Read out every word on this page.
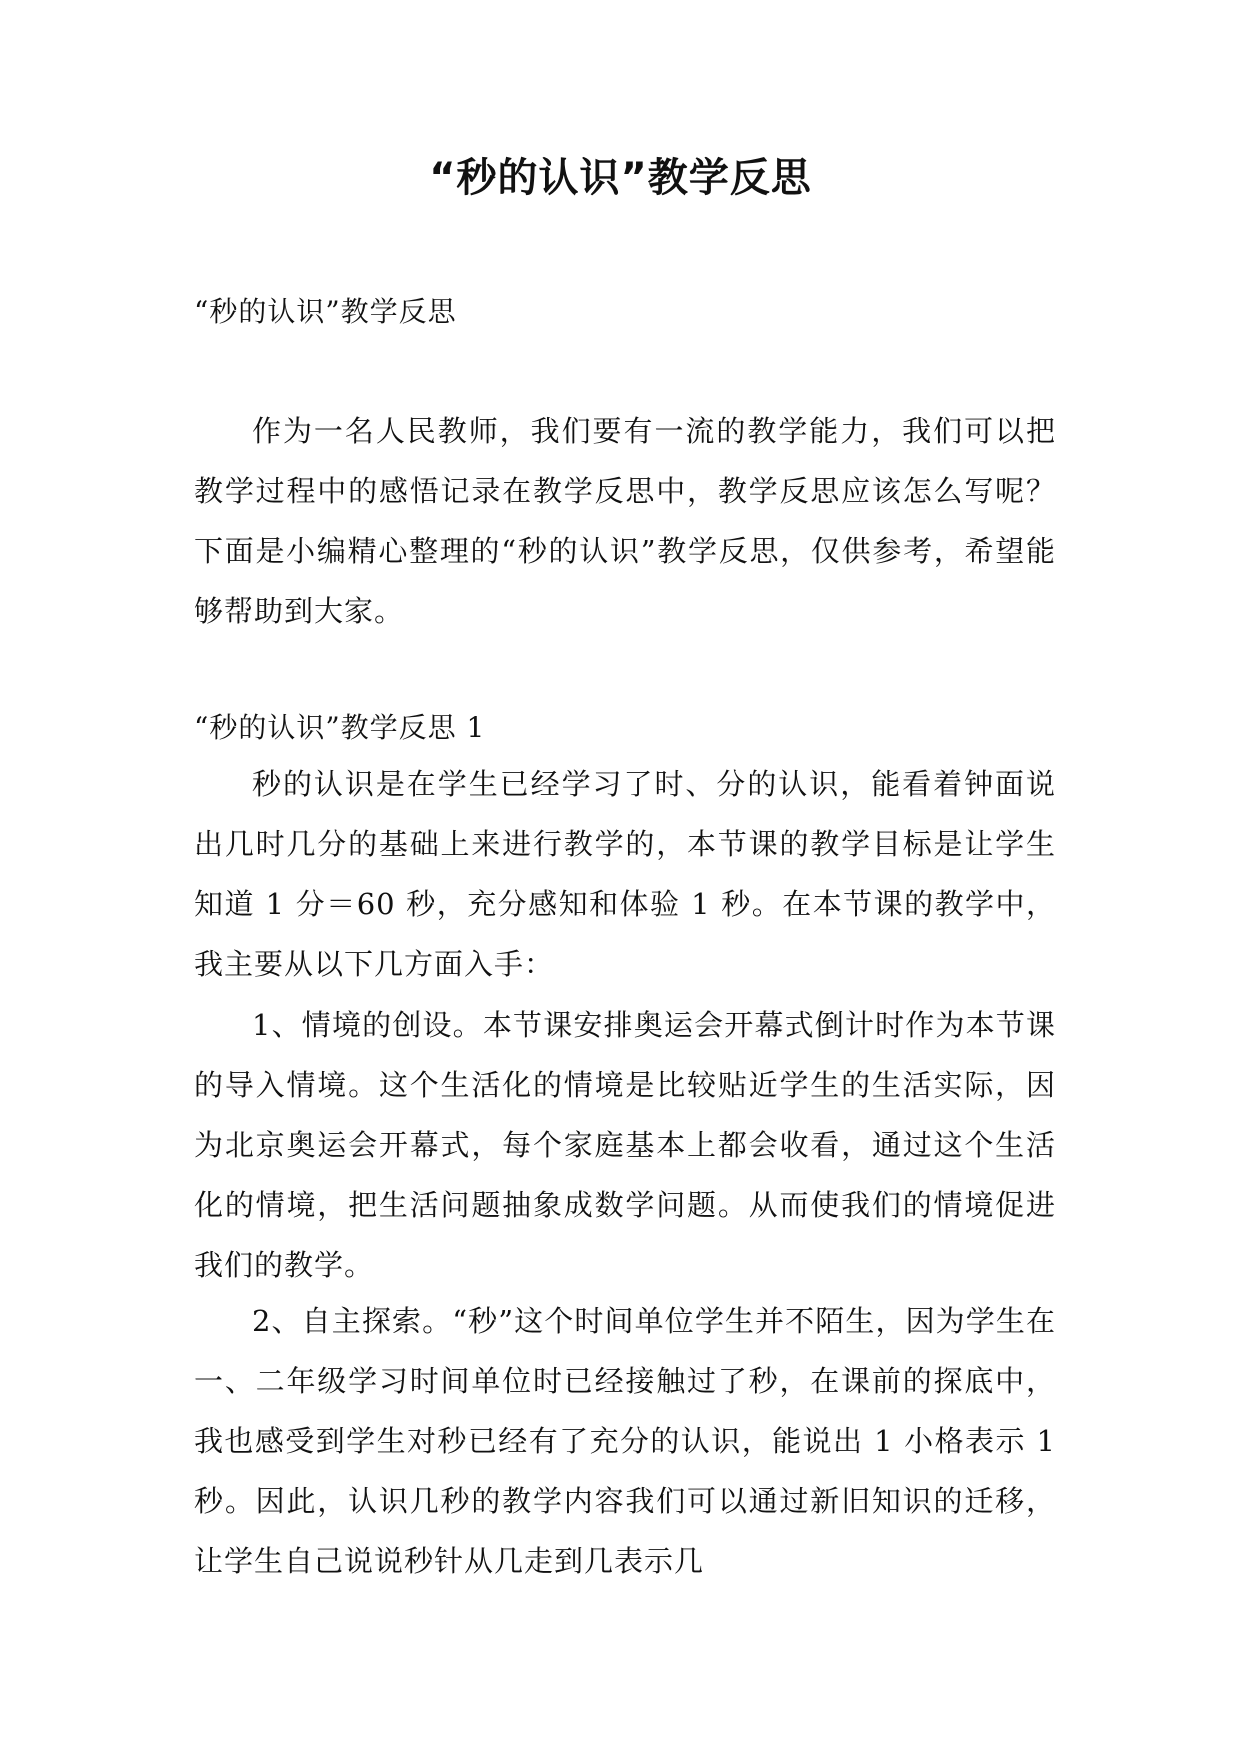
“秒的认识”教学反思

“秒的认识”教学反思

作为一名人民教师，我们要有一流的教学能力，我们可以把教学过程中的感悟记录在教学反思中，教学反思应该怎么写呢？下面是小编精心整理的“秒的认识”教学反思，仅供参考，希望能够帮助到大家。

“秒的认识”教学反思 1

秒的认识是在学生已经学习了时、分的认识，能看着钟面说出几时几分的基础上来进行教学的，本节课的教学目标是让学生知道 1 分＝60 秒，充分感知和体验 1 秒。在本节课的教学中，我主要从以下几方面入手：

1、情境的创设。本节课安排奥运会开幕式倒计时作为本节课的导入情境。这个生活化的情境是比较贴近学生的生活实际，因为北京奥运会开幕式，每个家庭基本上都会收看，通过这个生活化的情境，把生活问题抽象成数学问题。从而使我们的情境促进我们的教学。

2、自主探索。“秒”这个时间单位学生并不陌生，因为学生在一、二年级学习时间单位时已经接触过了秒，在课前的探底中，我也感受到学生对秒已经有了充分的认识，能说出 1 小格表示 1 秒。因此，认识几秒的教学内容我们可以通过新旧知识的迁移，让学生自己说说秒针从几走到几表示几
